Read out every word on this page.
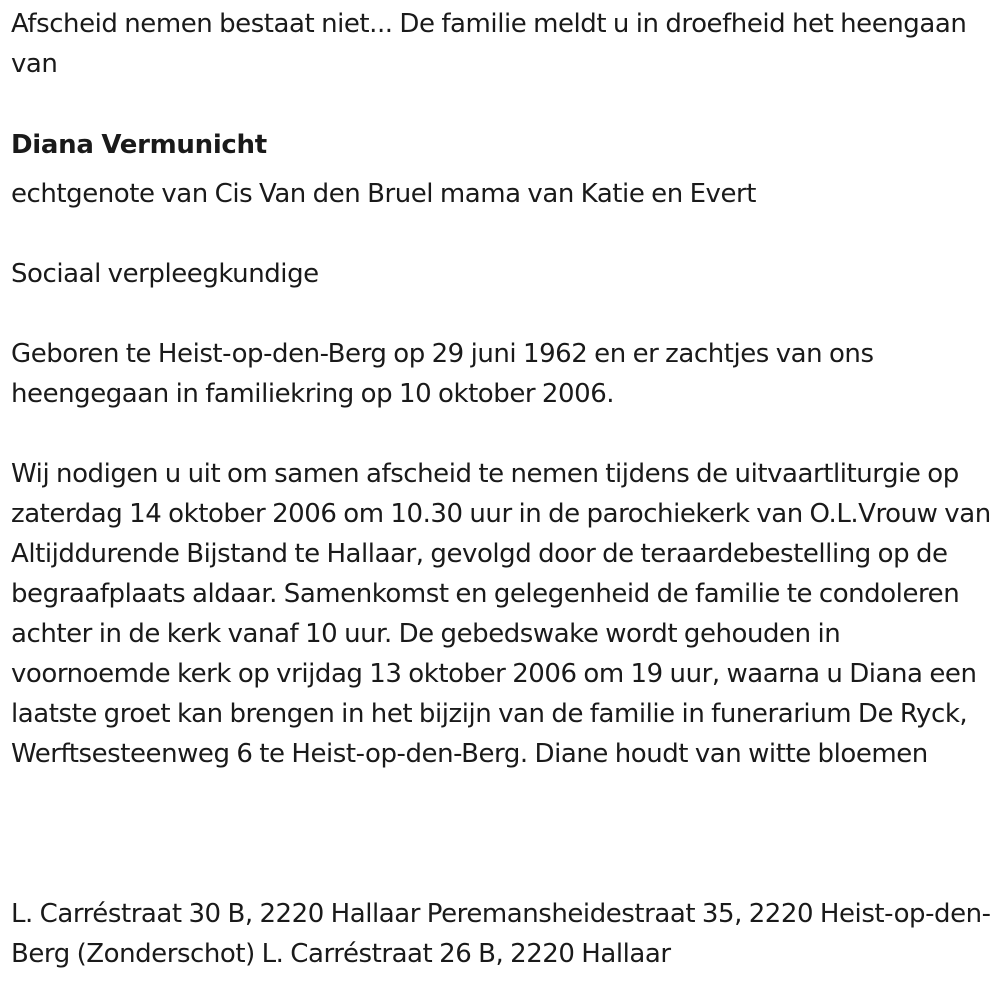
Afscheid nemen bestaat niet... De familie meldt u in droefheid het heengaan van

Diana Vermunicht

echtgenote van Cis Van den Bruel mama van Katie en Evert

Sociaal verpleegkundige

Geboren te Heist-op-den-Berg op 29 juni 1962 en er zachtjes van ons heengegaan in familiekring op 10 oktober 2006.

Wij nodigen u uit om samen afscheid te nemen tijdens de uitvaartliturgie op zaterdag 14 oktober 2006 om 10.30 uur in de parochiekerk van O.L.Vrouw van Altijddurende Bijstand te Hallaar, gevolgd door de teraardebestelling op de begraafplaats aldaar. Samenkomst en gelegenheid de familie te condoleren achter in de kerk vanaf 10 uur. De gebedswake wordt gehouden in voornoemde kerk op vrijdag 13 oktober 2006 om 19 uur, waarna u Diana een laatste groet kan brengen in het bijzijn van de familie in funerarium De Ryck, Werftsesteenweg 6 te Heist-op-den-Berg. Diane houdt van witte bloemen

L. Carréstraat 30 B, 2220 Hallaar Peremansheidestraat 35, 2220 Heist-op-den-Berg (Zonderschot) L. Carréstraat 26 B, 2220 Hallaar
